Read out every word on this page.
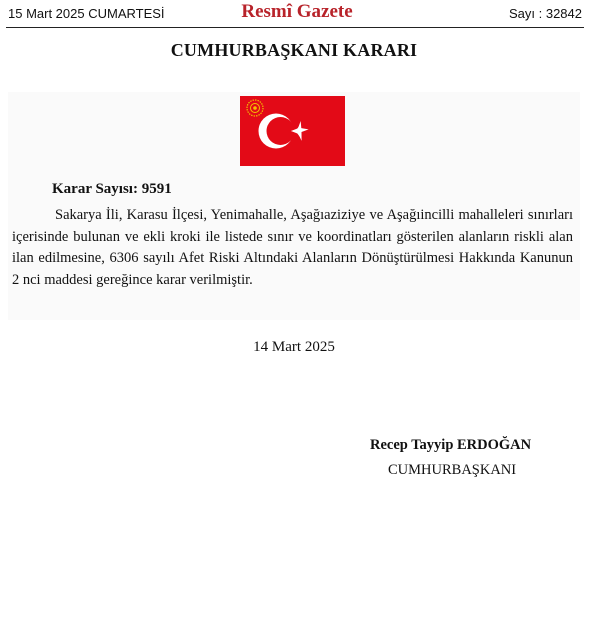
15 Mart 2025 CUMARTESİ	Resmî Gazete	Sayı : 32842
CUMHURBAŞKANI KARARI
Karar Sayısı: 9591

Sakarya İli, Karasu İlçesi, Yenimahalle, Aşağıaziziye ve Aşağıincilli mahalleleri sınırları içerisinde bulunan ve ekli kroki ile listede sınır ve koordinatları gösterilen alanların riskli alan ilan edilmesine, 6306 sayılı Afet Riski Altındaki Alanların Dönüştürülmesi Hakkında Kanunun 2 nci maddesi gereğince karar verilmiştir.

14 Mart 2025
Recep Tayyip ERDOĞAN
CUMHURBAŞKANI
